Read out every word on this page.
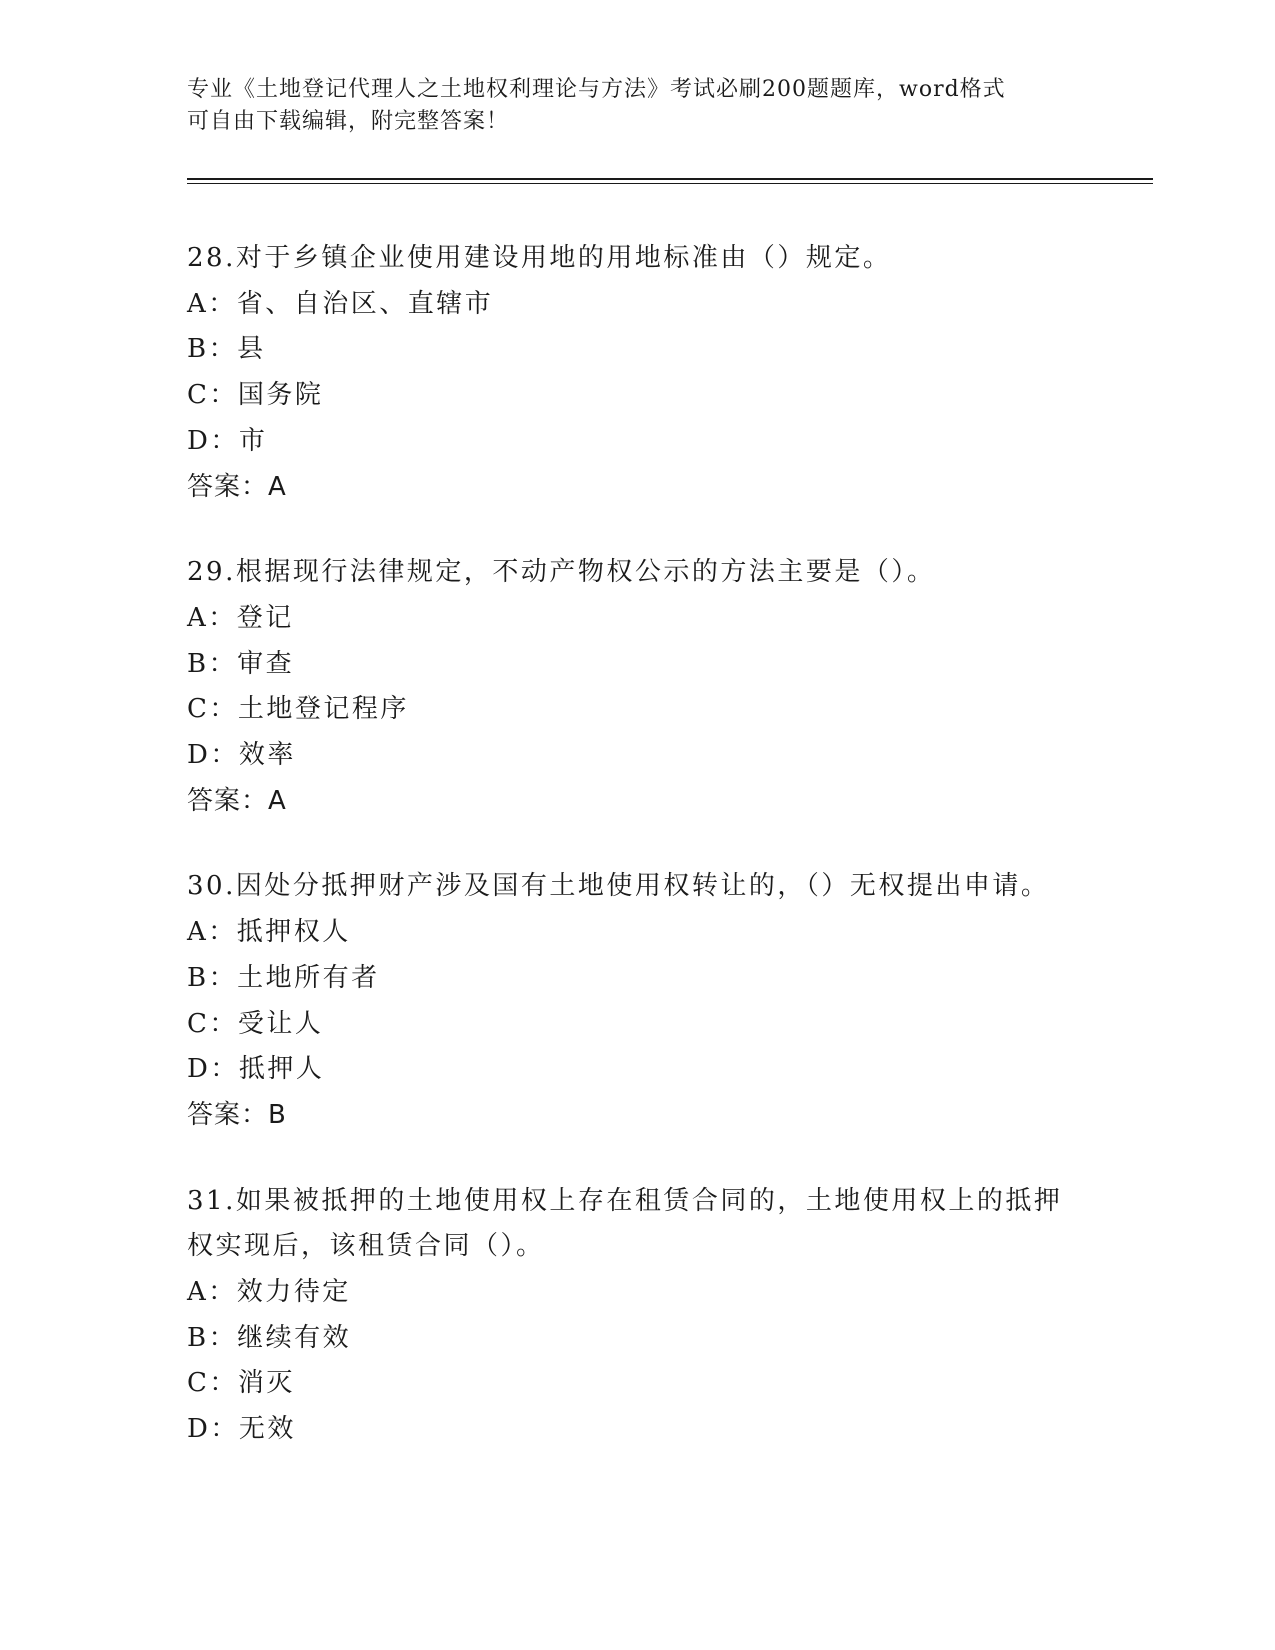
专业《土地登记代理人之土地权利理论与方法》考试必刷200题题库，word格式
可自由下载编辑，附完整答案！
28.对于乡镇企业使用建设用地的用地标准由（）规定。
A：省、自治区、直辖市
B：县
C：国务院
D：市
答案：A
29.根据现行法律规定，不动产物权公示的方法主要是（）。
A：登记
B：审查
C：土地登记程序
D：效率
答案：A
30.因处分抵押财产涉及国有土地使用权转让的，（）无权提出申请。
A：抵押权人
B：土地所有者
C：受让人
D：抵押人
答案：B
31.如果被抵押的土地使用权上存在租赁合同的，土地使用权上的抵押
权实现后，该租赁合同（）。
A：效力待定
B：继续有效
C：消灭
D：无效
